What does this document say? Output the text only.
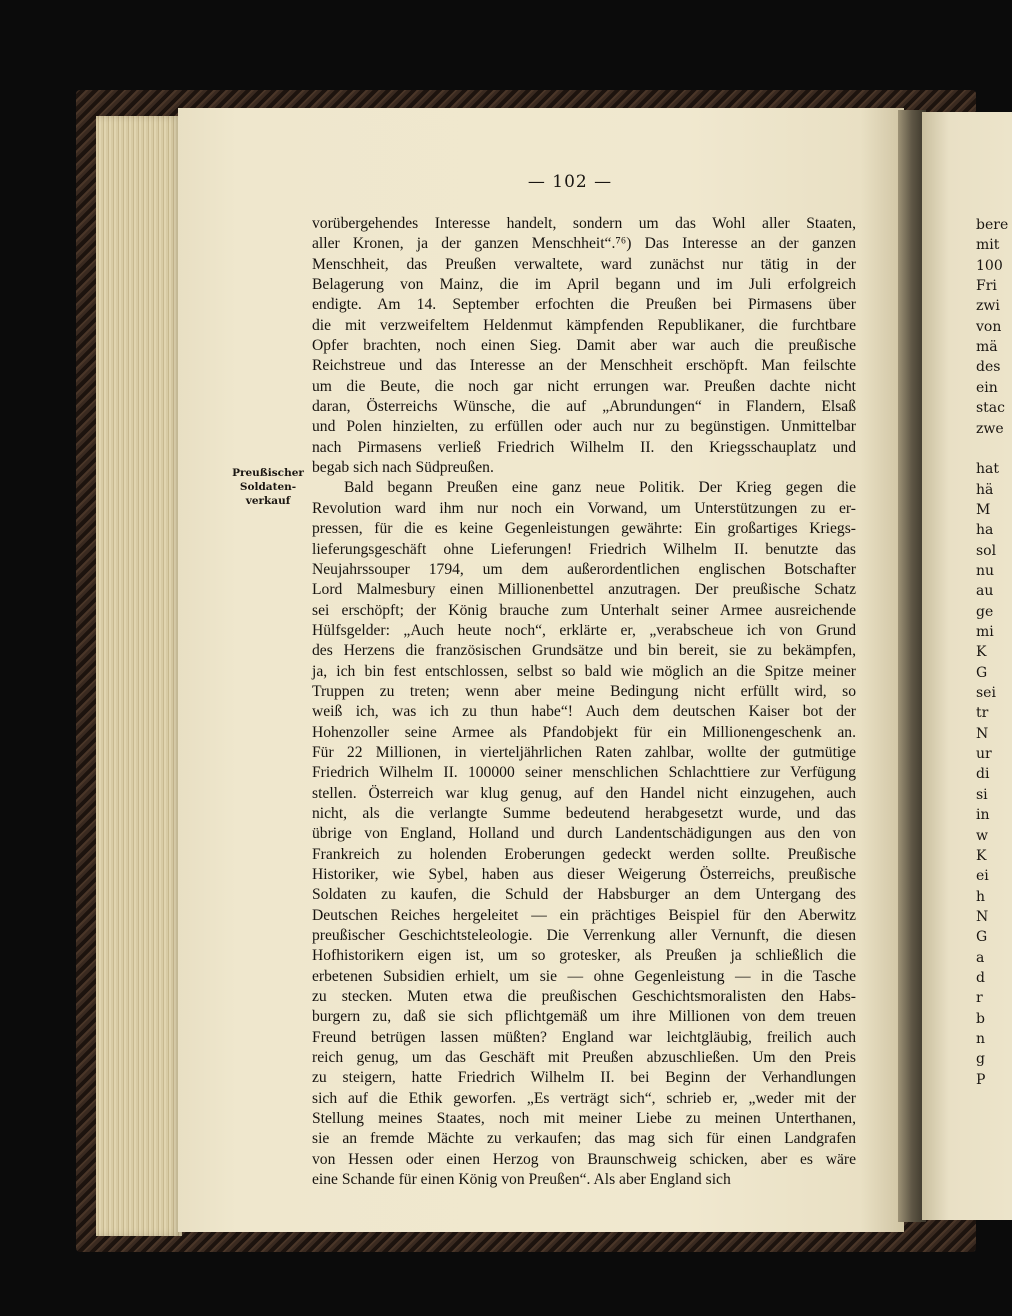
bere
mit
100
Fri
zwi
von
mä
des
ein
stac
zwe
hat
hä
M
ha
sol
nu
au
ge
mi
K
G
sei
tr
N
ur
di
si
in
w
K
ei
h
N
G
a
d
r
b
n
g
P
— 102 —
Preußischer
Soldaten-
verkauf
vorübergehendes Interesse handelt, sondern um das Wohl aller Staaten,
aller Kronen, ja der ganzen Menschheit“.⁷⁶) Das Interesse an der ganzen
Menschheit, das Preußen verwaltete, ward zunächst nur tätig in der
Belagerung von Mainz, die im April begann und im Juli erfolgreich
endigte. Am 14. September erfochten die Preußen bei Pirmasens über
die mit verzweifeltem Heldenmut kämpfenden Republikaner, die furchtbare
Opfer brachten, noch einen Sieg. Damit aber war auch die preußische
Reichstreue und das Interesse an der Menschheit erschöpft. Man feilschte
um die Beute, die noch gar nicht errungen war. Preußen dachte nicht
daran, Österreichs Wünsche, die auf „Abrundungen“ in Flandern, Elsaß
und Polen hinzielten, zu erfüllen oder auch nur zu begünstigen. Unmittelbar
nach Pirmasens verließ Friedrich Wilhelm II. den Kriegsschauplatz und
begab sich nach Südpreußen.
Bald begann Preußen eine ganz neue Politik. Der Krieg gegen die
Revolution ward ihm nur noch ein Vorwand, um Unterstützungen zu er-
pressen, für die es keine Gegenleistungen gewährte: Ein großartiges Kriegs-
lieferungsgeschäft ohne Lieferungen! Friedrich Wilhelm II. benutzte das
Neujahrssouper 1794, um dem außerordentlichen englischen Botschafter
Lord Malmesbury einen Millionenbettel anzutragen. Der preußische Schatz
sei erschöpft; der König brauche zum Unterhalt seiner Armee ausreichende
Hülfsgelder: „Auch heute noch“, erklärte er, „verabscheue ich von Grund
des Herzens die französischen Grundsätze und bin bereit, sie zu bekämpfen,
ja, ich bin fest entschlossen, selbst so bald wie möglich an die Spitze meiner
Truppen zu treten; wenn aber meine Bedingung nicht erfüllt wird, so
weiß ich, was ich zu thun habe“! Auch dem deutschen Kaiser bot der
Hohenzoller seine Armee als Pfandobjekt für ein Millionengeschenk an.
Für 22 Millionen, in vierteljährlichen Raten zahlbar, wollte der gutmütige
Friedrich Wilhelm II. 100000 seiner menschlichen Schlachttiere zur Verfügung
stellen. Österreich war klug genug, auf den Handel nicht einzugehen, auch
nicht, als die verlangte Summe bedeutend herabgesetzt wurde, und das
übrige von England, Holland und durch Landentschädigungen aus den von
Frankreich zu holenden Eroberungen gedeckt werden sollte. Preußische
Historiker, wie Sybel, haben aus dieser Weigerung Österreichs, preußische
Soldaten zu kaufen, die Schuld der Habsburger an dem Untergang des
Deutschen Reiches hergeleitet — ein prächtiges Beispiel für den Aberwitz
preußischer Geschichtsteleologie. Die Verrenkung aller Vernunft, die diesen
Hofhistorikern eigen ist, um so grotesker, als Preußen ja schließlich die
erbetenen Subsidien erhielt, um sie — ohne Gegenleistung — in die Tasche
zu stecken. Muten etwa die preußischen Geschichtsmoralisten den Habs-
burgern zu, daß sie sich pflichtgemäß um ihre Millionen von dem treuen
Freund betrügen lassen müßten? England war leichtgläubig, freilich auch
reich genug, um das Geschäft mit Preußen abzuschließen. Um den Preis
zu steigern, hatte Friedrich Wilhelm II. bei Beginn der Verhandlungen
sich auf die Ethik geworfen. „Es verträgt sich“, schrieb er, „weder mit der
Stellung meines Staates, noch mit meiner Liebe zu meinen Unterthanen,
sie an fremde Mächte zu verkaufen; das mag sich für einen Landgrafen
von Hessen oder einen Herzog von Braunschweig schicken, aber es wäre
eine Schande für einen König von Preußen“. Als aber England sich
